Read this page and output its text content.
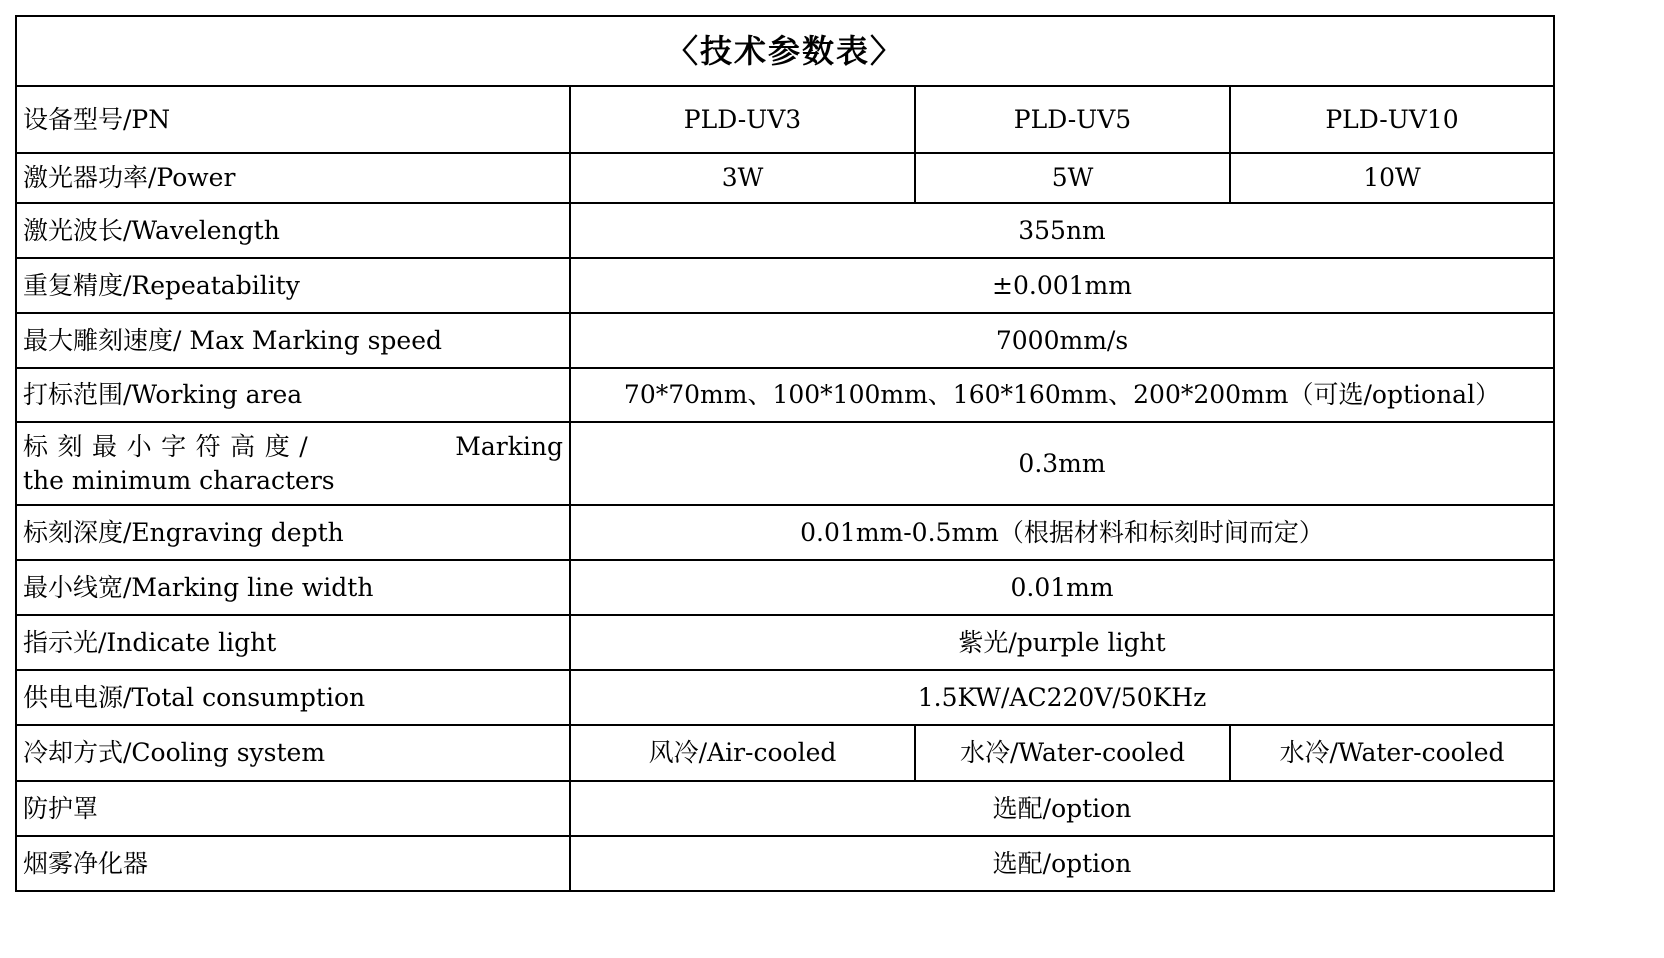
〈技术参数表〉			
设备型号/PN	PLD-UV3	PLD-UV5	PLD-UV10
激光器功率/Power	3W	5W	10W
激光波长/Wavelength	355nm		
重复精度/Repeatability	±0.001mm		
最大雕刻速度/ Max Marking speed	7000mm/s		
打标范围/Working area	70*70mm、100*100mm、160*160mm、200*200mm（可选/optional）		

标刻最小字符高度/　　　　Marking
the minimum characters	0.3mm		
标刻深度/Engraving depth	0.01mm-0.5mm（根据材料和标刻时间而定）		
最小线宽/Marking line width	0.01mm		
指示光/Indicate light	紫光/purple light		
供电电源/Total consumption	1.5KW/AC220V/50KHz		
冷却方式/Cooling system	风冷/Air-cooled	水冷/Water-cooled	水冷/Water-cooled
防护罩	选配/option		
烟雾净化器	选配/option		
